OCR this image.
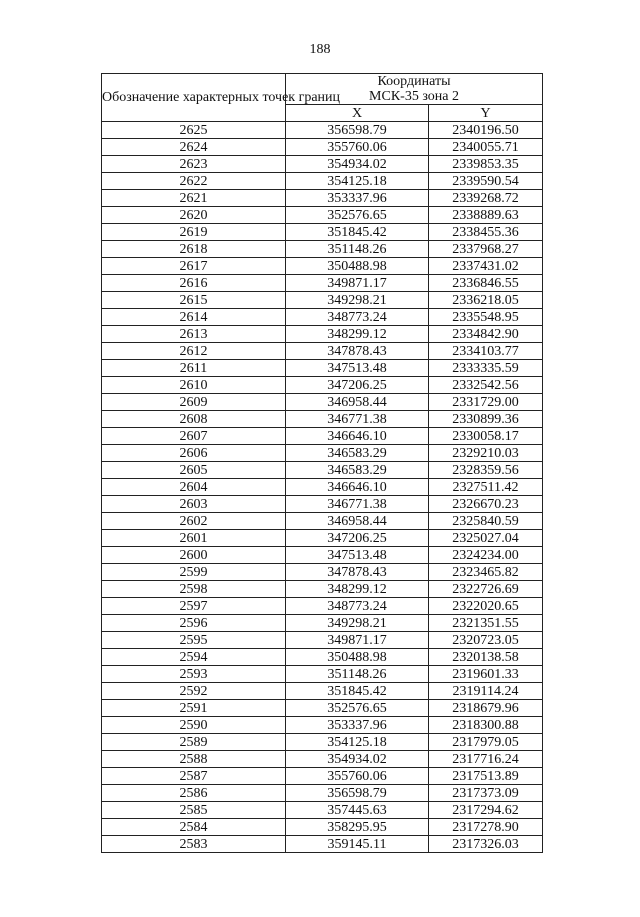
188
Обозначение характерных точек границ	Координаты
МСК-35 зона 2	

	X	Y
2625	356598.79	2340196.50
2624	355760.06	2340055.71
2623	354934.02	2339853.35
2622	354125.18	2339590.54
2621	353337.96	2339268.72
2620	352576.65	2338889.63
2619	351845.42	2338455.36
2618	351148.26	2337968.27
2617	350488.98	2337431.02
2616	349871.17	2336846.55
2615	349298.21	2336218.05
2614	348773.24	2335548.95
2613	348299.12	2334842.90
2612	347878.43	2334103.77
2611	347513.48	2333335.59
2610	347206.25	2332542.56
2609	346958.44	2331729.00
2608	346771.38	2330899.36
2607	346646.10	2330058.17
2606	346583.29	2329210.03
2605	346583.29	2328359.56
2604	346646.10	2327511.42
2603	346771.38	2326670.23
2602	346958.44	2325840.59
2601	347206.25	2325027.04
2600	347513.48	2324234.00
2599	347878.43	2323465.82
2598	348299.12	2322726.69
2597	348773.24	2322020.65
2596	349298.21	2321351.55
2595	349871.17	2320723.05
2594	350488.98	2320138.58
2593	351148.26	2319601.33
2592	351845.42	2319114.24
2591	352576.65	2318679.96
2590	353337.96	2318300.88
2589	354125.18	2317979.05
2588	354934.02	2317716.24
2587	355760.06	2317513.89
2586	356598.79	2317373.09
2585	357445.63	2317294.62
2584	358295.95	2317278.90
2583	359145.11	2317326.03
